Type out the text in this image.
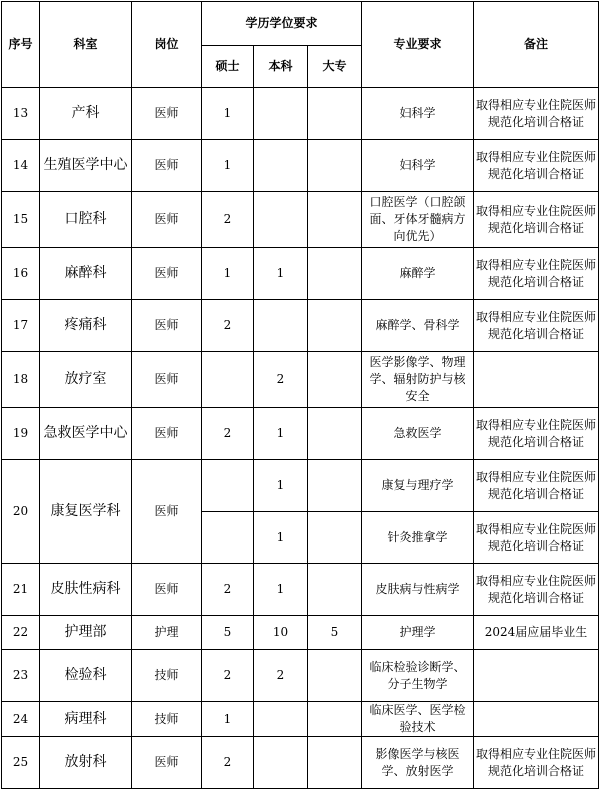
序号	科室	岗位	学历学位要求			专业要求	备注
			硕士	本科	大专		
13	产科	医师	1			妇科学	取得相应专业住院医师规范化培训合格证
14	生殖医学中心	医师	1			妇科学	取得相应专业住院医师规范化培训合格证
15	口腔科	医师	2			口腔医学（口腔颌面、牙体牙髓病方向优先）	取得相应专业住院医师规范化培训合格证
16	麻醉科	医师	1	1		麻醉学	取得相应专业住院医师规范化培训合格证
17	疼痛科	医师	2			麻醉学、骨科学	取得相应专业住院医师规范化培训合格证
18	放疗室	医师		2		医学影像学、物理学、辐射防护与核安全	
19	急救医学中心	医师	2	1		急救医学	取得相应专业住院医师规范化培训合格证
20	康复医学科	医师		1		康复与理疗学	取得相应专业住院医师规范化培训合格证
				1		针灸推拿学	取得相应专业住院医师规范化培训合格证
21	皮肤性病科	医师	2	1		皮肤病与性病学	取得相应专业住院医师规范化培训合格证
22	护理部	护理	5	10	5	护理学	2024届应届毕业生
23	检验科	技师	2	2		临床检验诊断学、分子生物学	
24	病理科	技师	1			临床医学、医学检验技术	
25	放射科	医师	2			影像医学与核医学、放射医学	取得相应专业住院医师规范化培训合格证
